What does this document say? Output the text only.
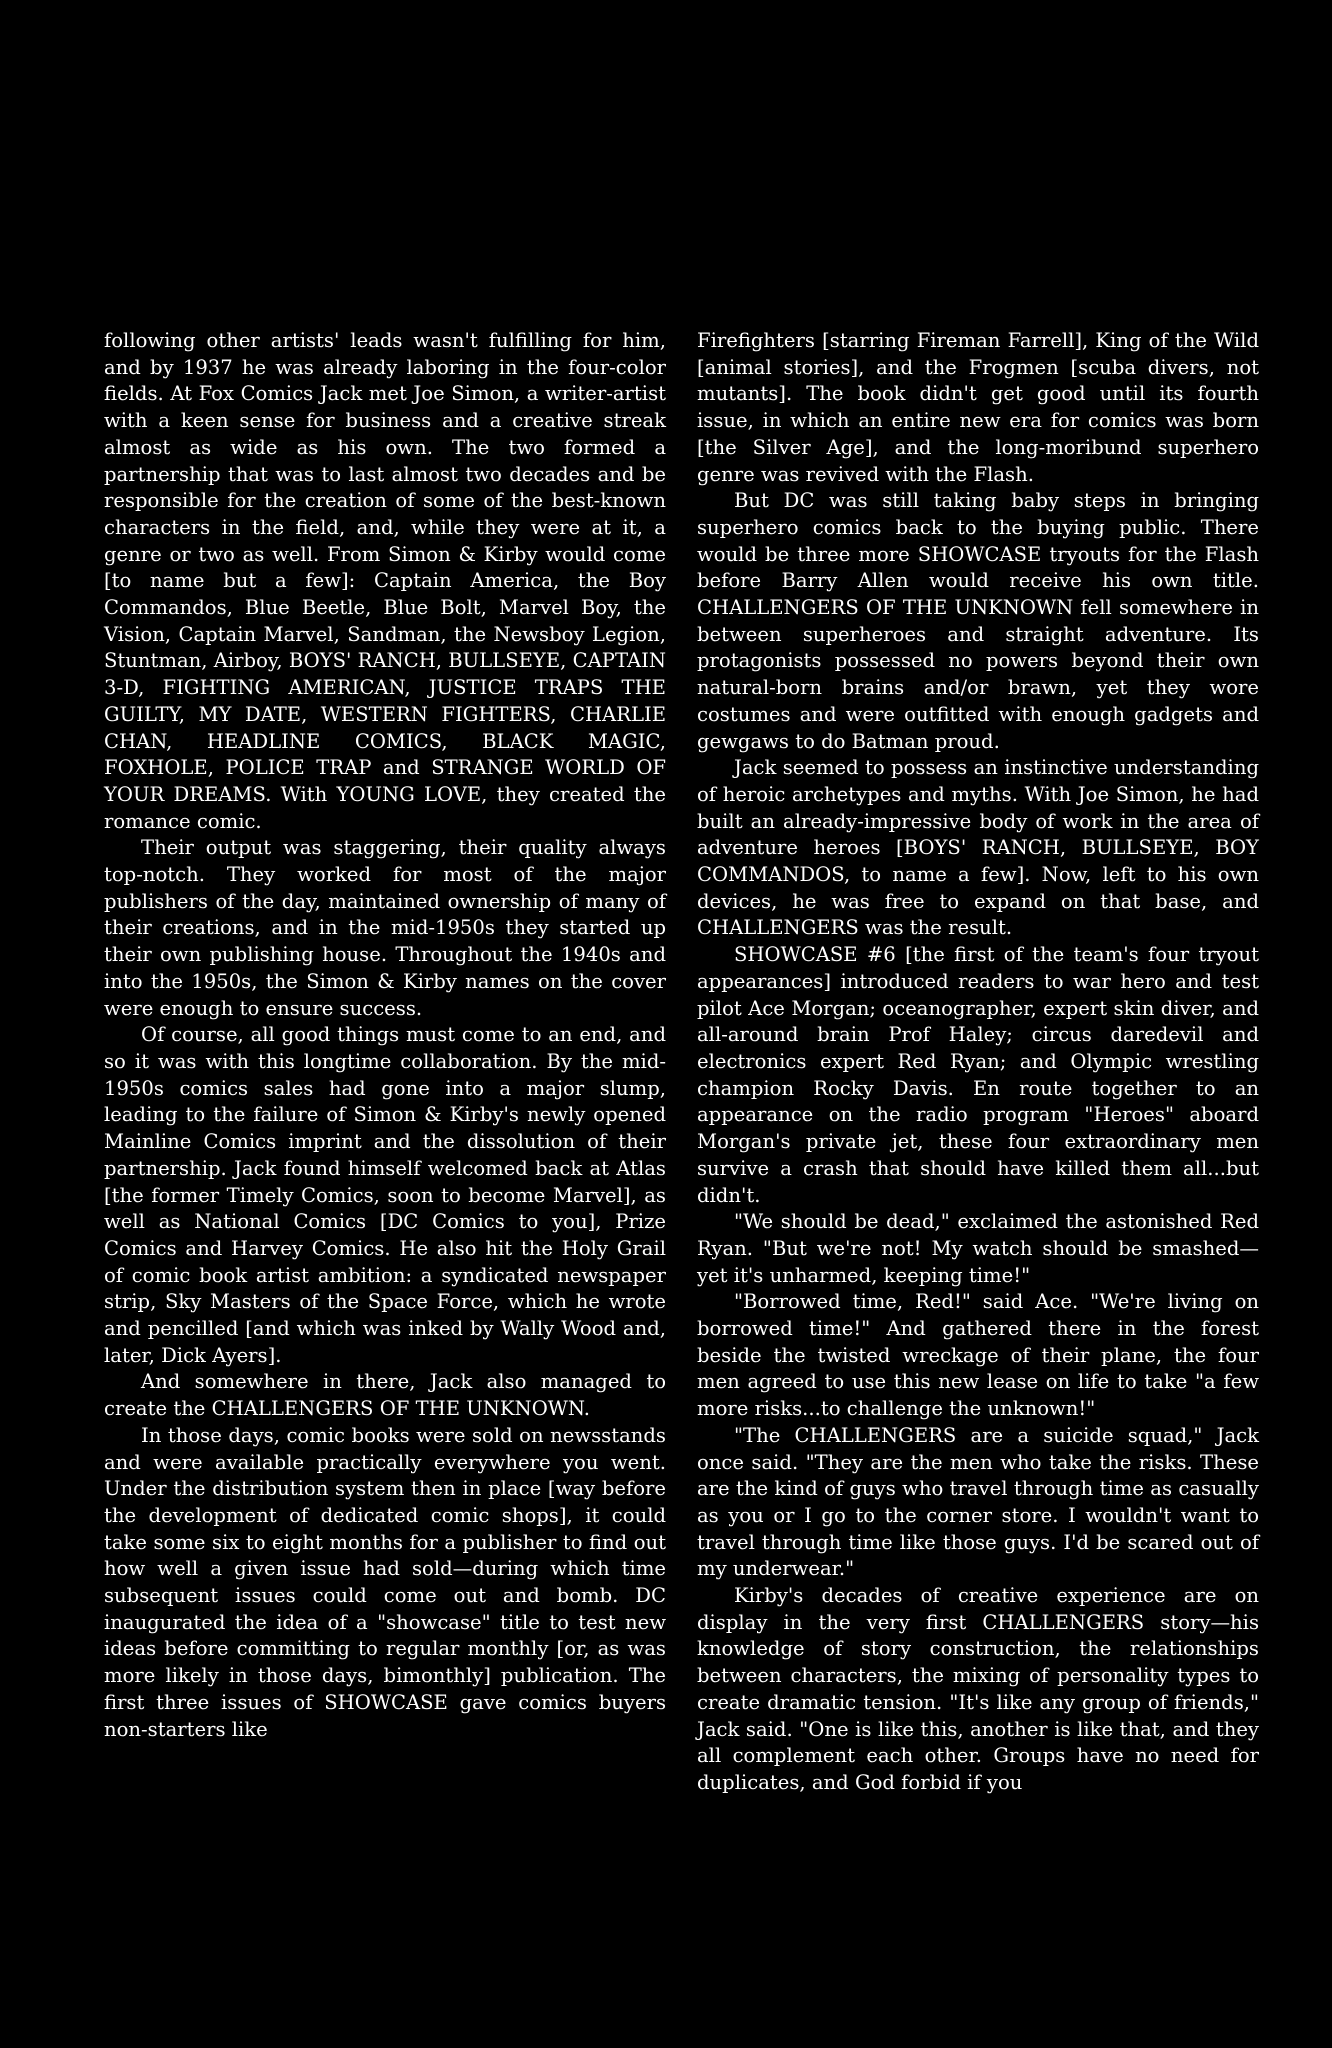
following other artists' leads wasn't fulfilling for him, and by 1937 he was already laboring in the four-color fields. At Fox Comics Jack met Joe Simon, a writer-artist with a keen sense for business and a creative streak almost as wide as his own. The two formed a partnership that was to last almost two decades and be responsible for the creation of some of the best-known characters in the field, and, while they were at it, a genre or two as well. From Simon & Kirby would come [to name but a few]: Captain America, the Boy Commandos, Blue Beetle, Blue Bolt, Marvel Boy, the Vision, Captain Marvel, Sandman, the Newsboy Legion, Stuntman, Airboy, BOYS' RANCH, BULLSEYE, CAPTAIN 3-D, FIGHTING AMERICAN, JUSTICE TRAPS THE GUILTY, MY DATE, WESTERN FIGHTERS, CHARLIE CHAN, HEADLINE COMICS, BLACK MAGIC, FOXHOLE, POLICE TRAP and STRANGE WORLD OF YOUR DREAMS. With YOUNG LOVE, they created the romance comic.

Their output was staggering, their quality always top-notch. They worked for most of the major publishers of the day, maintained ownership of many of their creations, and in the mid-1950s they started up their own publishing house. Throughout the 1940s and into the 1950s, the Simon & Kirby names on the cover were enough to ensure success.

Of course, all good things must come to an end, and so it was with this longtime collaboration. By the mid-1950s comics sales had gone into a major slump, leading to the failure of Simon & Kirby's newly opened Mainline Comics imprint and the dissolution of their partnership. Jack found himself welcomed back at Atlas [the former Timely Comics, soon to become Marvel], as well as National Comics [DC Comics to you], Prize Comics and Harvey Comics. He also hit the Holy Grail of comic book artist ambition: a syndicated newspaper strip, Sky Masters of the Space Force, which he wrote and pencilled [and which was inked by Wally Wood and, later, Dick Ayers].

And somewhere in there, Jack also managed to create the CHALLENGERS OF THE UNKNOWN.

In those days, comic books were sold on newsstands and were available practically everywhere you went. Under the distribution system then in place [way before the development of dedicated comic shops], it could take some six to eight months for a publisher to find out how well a given issue had sold—during which time subsequent issues could come out and bomb. DC inaugurated the idea of a "showcase" title to test new ideas before committing to regular monthly [or, as was more likely in those days, bimonthly] publication. The first three issues of SHOWCASE gave comics buyers non-starters like

Firefighters [starring Fireman Farrell], King of the Wild [animal stories], and the Frogmen [scuba divers, not mutants]. The book didn't get good until its fourth issue, in which an entire new era for comics was born [the Silver Age], and the long-moribund superhero genre was revived with the Flash.

But DC was still taking baby steps in bringing superhero comics back to the buying public. There would be three more SHOWCASE tryouts for the Flash before Barry Allen would receive his own title. CHALLENGERS OF THE UNKNOWN fell somewhere in between superheroes and straight adventure. Its protagonists possessed no powers beyond their own natural-born brains and/or brawn, yet they wore costumes and were outfitted with enough gadgets and gewgaws to do Batman proud.

Jack seemed to possess an instinctive understanding of heroic archetypes and myths. With Joe Simon, he had built an already-impressive body of work in the area of adventure heroes [BOYS' RANCH, BULLSEYE, BOY COMMANDOS, to name a few]. Now, left to his own devices, he was free to expand on that base, and CHALLENGERS was the result.

SHOWCASE #6 [the first of the team's four tryout appearances] introduced readers to war hero and test pilot Ace Morgan; oceanographer, expert skin diver, and all-around brain Prof Haley; circus daredevil and electronics expert Red Ryan; and Olympic wrestling champion Rocky Davis. En route together to an appearance on the radio program "Heroes" aboard Morgan's private jet, these four extraordinary men survive a crash that should have killed them all...but didn't.

"We should be dead," exclaimed the astonished Red Ryan. "But we're not! My watch should be smashed—yet it's unharmed, keeping time!"

"Borrowed time, Red!" said Ace. "We're living on borrowed time!" And gathered there in the forest beside the twisted wreckage of their plane, the four men agreed to use this new lease on life to take "a few more risks...to challenge the unknown!"

"The CHALLENGERS are a suicide squad," Jack once said. "They are the men who take the risks. These are the kind of guys who travel through time as casually as you or I go to the corner store. I wouldn't want to travel through time like those guys. I'd be scared out of my underwear."

Kirby's decades of creative experience are on display in the very first CHALLENGERS story—his knowledge of story construction, the relationships between characters, the mixing of personality types to create dramatic tension. "It's like any group of friends," Jack said. "One is like this, another is like that, and they all complement each other. Groups have no need for duplicates, and God forbid if you
